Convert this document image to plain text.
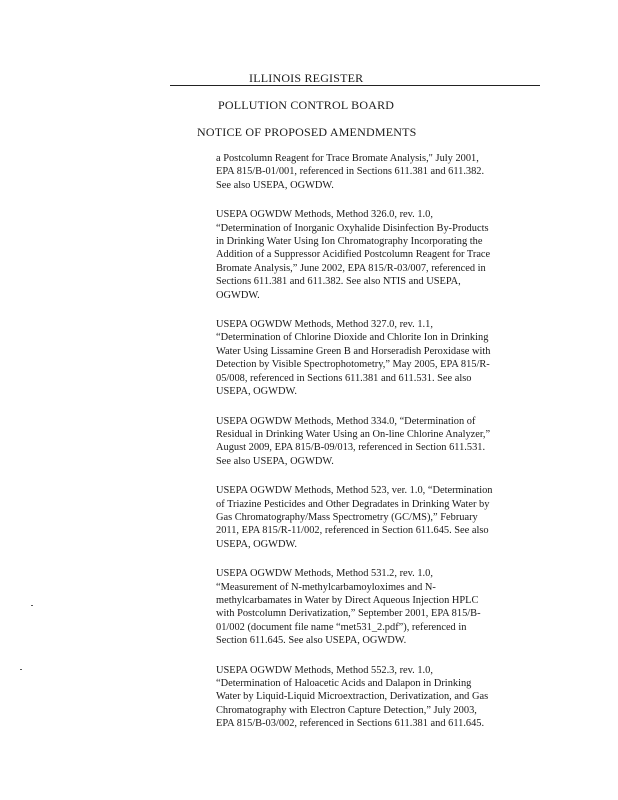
ILLINOIS REGISTER
POLLUTION CONTROL BOARD
NOTICE OF PROPOSED AMENDMENTS
a Postcolumn Reagent for Trace Bromate Analysis," July 2001,
EPA 815/B-01/001, referenced in Sections 611.381 and 611.382.
See also USEPA, OGWDW.
USEPA OGWDW Methods, Method 326.0, rev. 1.0,
“Determination of Inorganic Oxyhalide Disinfection By-Products
in Drinking Water Using Ion Chromatography Incorporating the
Addition of a Suppressor Acidified Postcolumn Reagent for Trace
Bromate Analysis,” June 2002, EPA 815/R-03/007, referenced in
Sections 611.381 and 611.382. See also NTIS and USEPA,
OGWDW.
USEPA OGWDW Methods, Method 327.0, rev. 1.1,
“Determination of Chlorine Dioxide and Chlorite Ion in Drinking
Water Using Lissamine Green B and Horseradish Peroxidase with
Detection by Visible Spectrophotometry,” May 2005, EPA 815/R-
05/008, referenced in Sections 611.381 and 611.531. See also
USEPA, OGWDW.
USEPA OGWDW Methods, Method 334.0, “Determination of
Residual in Drinking Water Using an On-line Chlorine Analyzer,”
August 2009, EPA 815/B-09/013, referenced in Section 611.531.
See also USEPA, OGWDW.
USEPA OGWDW Methods, Method 523, ver. 1.0, “Determination
of Triazine Pesticides and Other Degradates in Drinking Water by
Gas Chromatography/Mass Spectrometry (GC/MS),” February
2011, EPA 815/R-11/002, referenced in Section 611.645. See also
USEPA, OGWDW.
USEPA OGWDW Methods, Method 531.2, rev. 1.0,
“Measurement of N-methylcarbamoyloximes and N-
methylcarbamates in Water by Direct Aqueous Injection HPLC
with Postcolumn Derivatization,” September 2001, EPA 815/B-
01/002 (document file name “met531_2.pdf”), referenced in
Section 611.645. See also USEPA, OGWDW.
USEPA OGWDW Methods, Method 552.3, rev. 1.0,
“Determination of Haloacetic Acids and Dalapon in Drinking
Water by Liquid-Liquid Microextraction, Derivatization, and Gas
Chromatography with Electron Capture Detection,” July 2003,
EPA 815/B-03/002, referenced in Sections 611.381 and 611.645.
